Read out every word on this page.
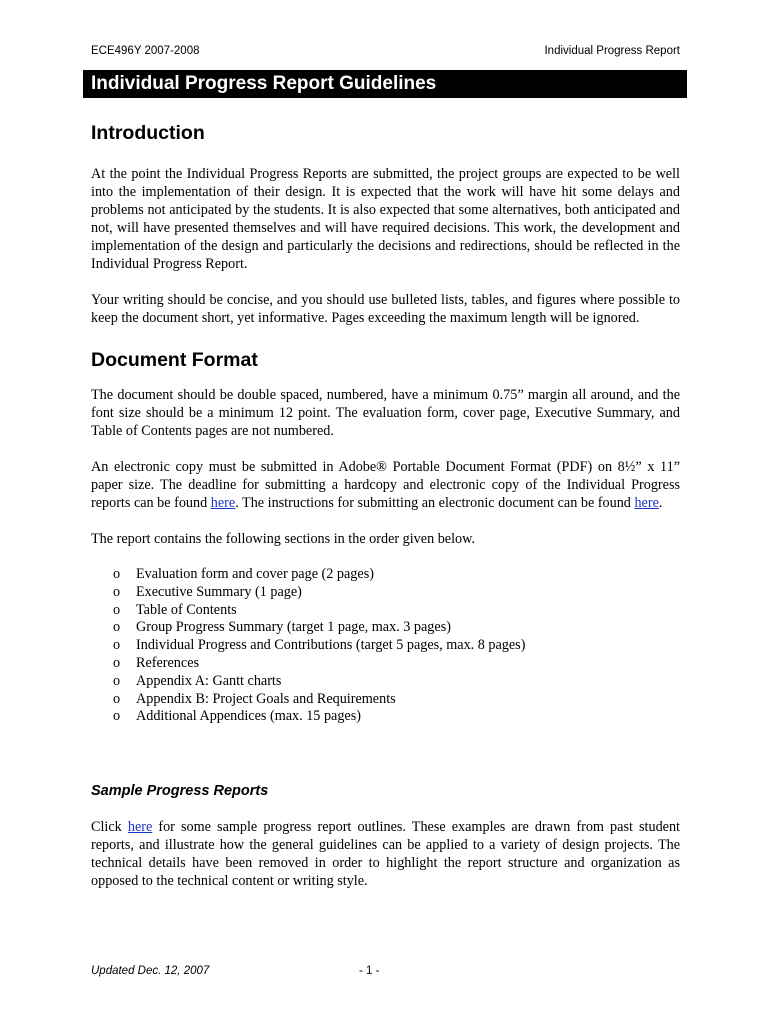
ECE496Y 2007-2008	Individual Progress Report
Individual Progress Report Guidelines
Introduction

At the point the Individual Progress Reports are submitted, the project groups are expected to be well into the implementation of their design. It is expected that the work will have hit some delays and problems not anticipated by the students. It is also expected that some alternatives, both anticipated and not, will have presented themselves and will have required decisions. This work, the development and implementation of the design and particularly the decisions and redirections, should be reflected in the Individual Progress Report.

Your writing should be concise, and you should use bulleted lists, tables, and figures where possible to keep the document short, yet informative. Pages exceeding the maximum length will be ignored.

Document Format

The document should be double spaced, numbered, have a minimum 0.75” margin all around, and the font size should be a minimum 12 point. The evaluation form, cover page, Executive Summary, and Table of Contents pages are not numbered.

An electronic copy must be submitted in Adobe® Portable Document Format (PDF) on 8½” x 11” paper size. The deadline for submitting a hardcopy and electronic copy of the Individual Progress reports can be found here. The instructions for submitting an electronic document can be found here.

The report contains the following sections in the order given below.

o	Evaluation form and cover page (2 pages)
o	Executive Summary (1 page)
o	Table of Contents
o	Group Progress Summary (target 1 page, max. 3 pages)
o	Individual Progress and Contributions (target 5 pages, max. 8 pages)
o	References
o	Appendix A: Gantt charts
o	Appendix B: Project Goals and Requirements
o	Additional Appendices (max. 15 pages)
Sample Progress Reports

Click here for some sample progress report outlines. These examples are drawn from past student reports, and illustrate how the general guidelines can be applied to a variety of design projects. The technical details have been removed in order to highlight the report structure and organization as opposed to the technical content or writing style.

Updated Dec. 12, 2007	- 1 -
